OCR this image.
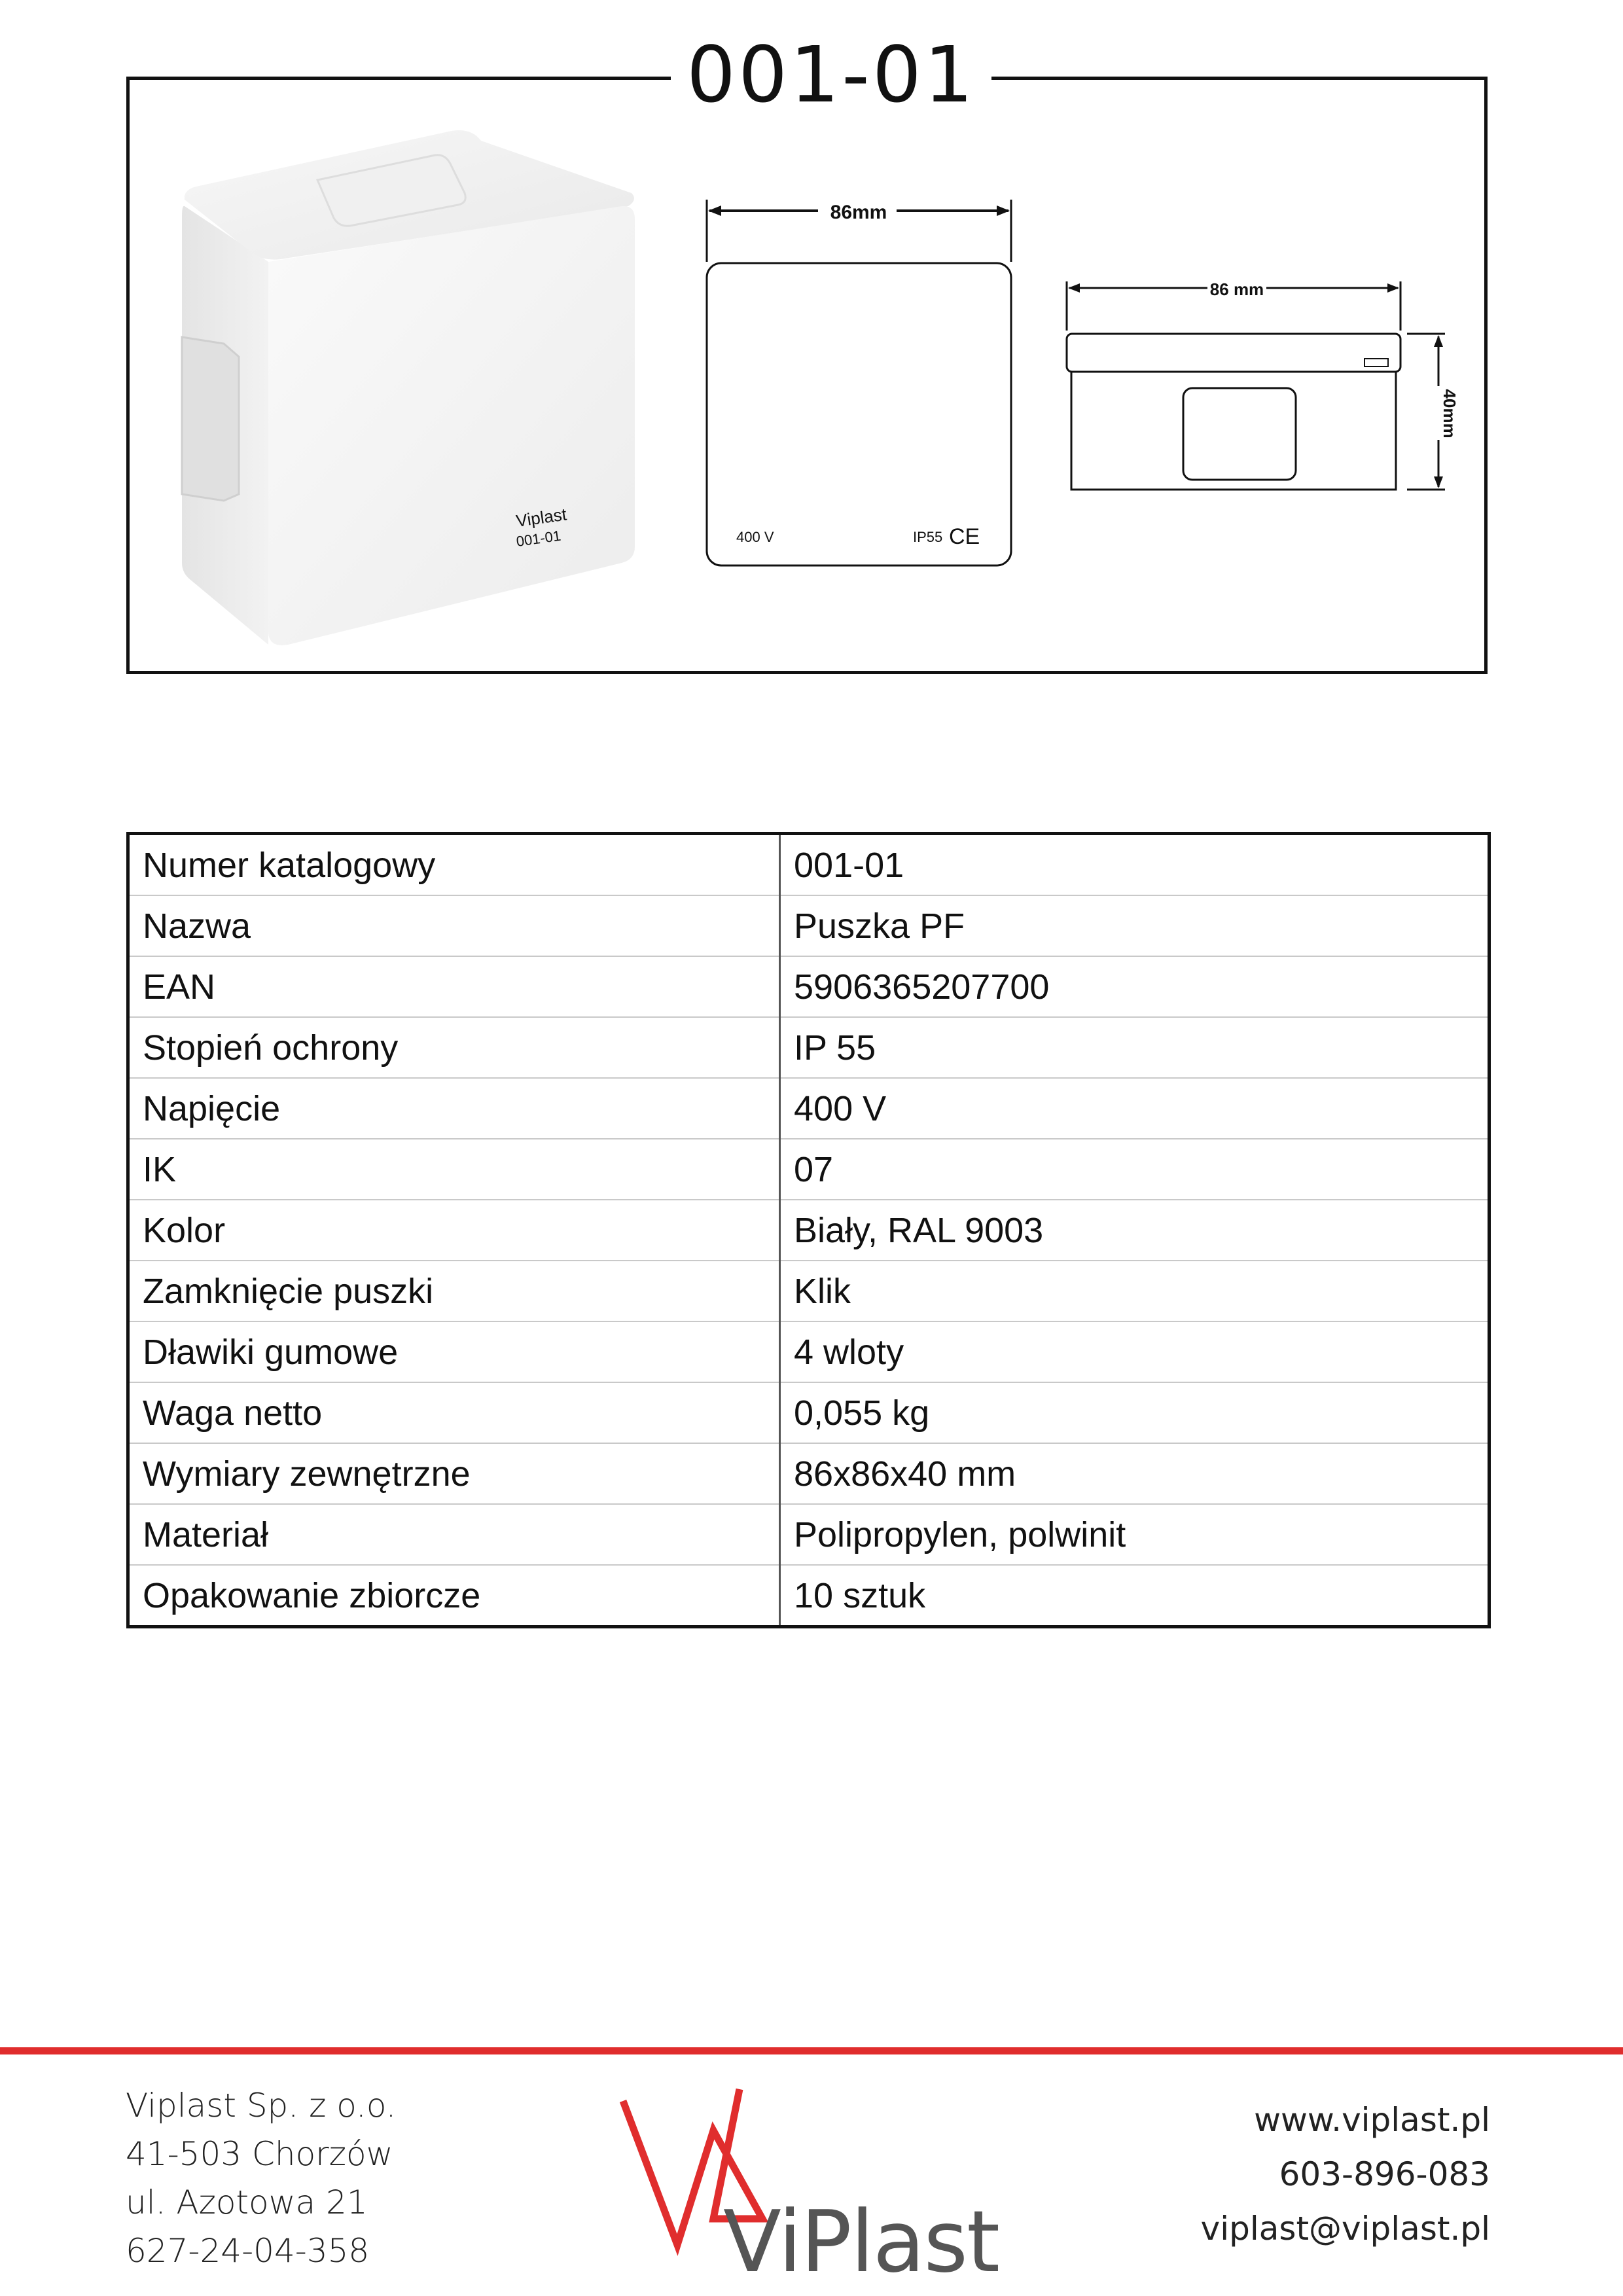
001-01
Viplast
001-01
86mm
400 V	IP55 CE
86 mm
40mm
Numer katalogowy	001-01
Nazwa	Puszka PF
EAN	5906365207700
Stopień ochrony	IP 55
Napięcie	400 V
IK	07
Kolor	Biały, RAL 9003
Zamknięcie puszki	Klik
Dławiki gumowe	4 wloty
Waga netto	0,055 kg
Wymiary zewnętrzne	86x86x40 mm
Materiał	Polipropylen, polwinit
Opakowanie zbiorcze	10 sztuk
Viplast Sp. z o.o.
41-503 Chorzów
ul. Azotowa 21
627-24-04-358	ViPlast
www.viplast.pl
603-896-083
viplast@viplast.pl
